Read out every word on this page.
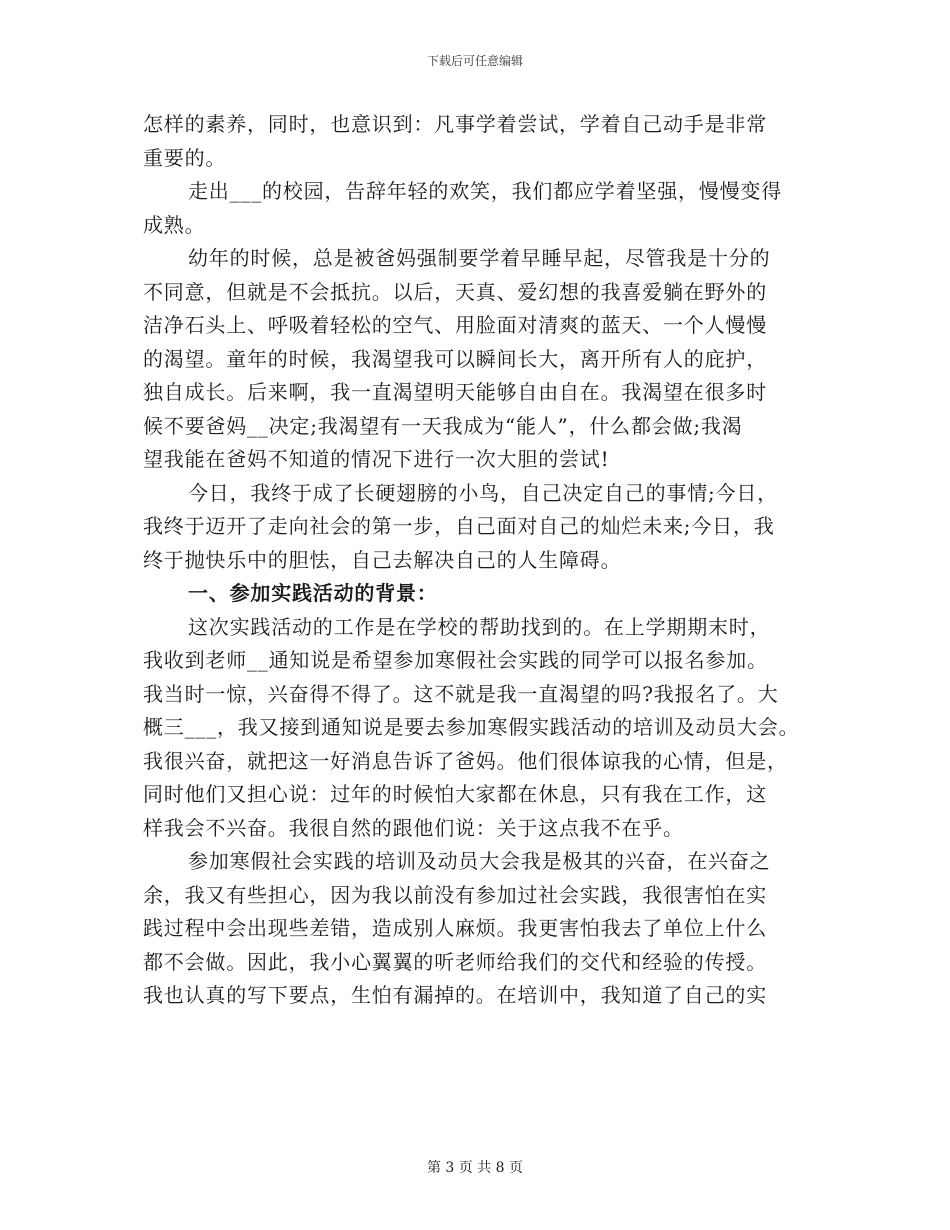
下载后可任意编辑
怎样的素养，同时，也意识到：凡事学着尝试，学着自己动手是非常
重要的。
走出___的校园，告辞年轻的欢笑，我们都应学着坚强，慢慢变得
成熟。
幼年的时候，总是被爸妈强制要学着早睡早起，尽管我是十分的
不同意，但就是不会抵抗。以后，天真、爱幻想的我喜爱躺在野外的
洁净石头上、呼吸着轻松的空气、用脸面对清爽的蓝天、一个人慢慢
的渴望。童年的时候，我渴望我可以瞬间长大，离开所有人的庇护，
独自成长。后来啊，我一直渴望明天能够自由自在。我渴望在很多时
候不要爸妈__决定;我渴望有一天我成为“能人”，什么都会做;我渴
望我能在爸妈不知道的情况下进行一次大胆的尝试!
今日，我终于成了长硬翅膀的小鸟，自己决定自己的事情;今日，
我终于迈开了走向社会的第一步，自己面对自己的灿烂未来;今日，我
终于抛快乐中的胆怯，自己去解决自己的人生障碍。
一、参加实践活动的背景：
这次实践活动的工作是在学校的帮助找到的。在上学期期末时，
我收到老师__通知说是希望参加寒假社会实践的同学可以报名参加。
我当时一惊，兴奋得不得了。这不就是我一直渴望的吗?我报名了。大
概三___，我又接到通知说是要去参加寒假实践活动的培训及动员大会。
我很兴奋，就把这一好消息告诉了爸妈。他们很体谅我的心情，但是，
同时他们又担心说：过年的时候怕大家都在休息，只有我在工作，这
样我会不兴奋。我很自然的跟他们说：关于这点我不在乎。
参加寒假社会实践的培训及动员大会我是极其的兴奋，在兴奋之
余，我又有些担心，因为我以前没有参加过社会实践，我很害怕在实
践过程中会出现些差错，造成别人麻烦。我更害怕我去了单位上什么
都不会做。因此，我小心翼翼的听老师给我们的交代和经验的传授。
我也认真的写下要点，生怕有漏掉的。在培训中，我知道了自己的实
第 3 页 共 8 页
